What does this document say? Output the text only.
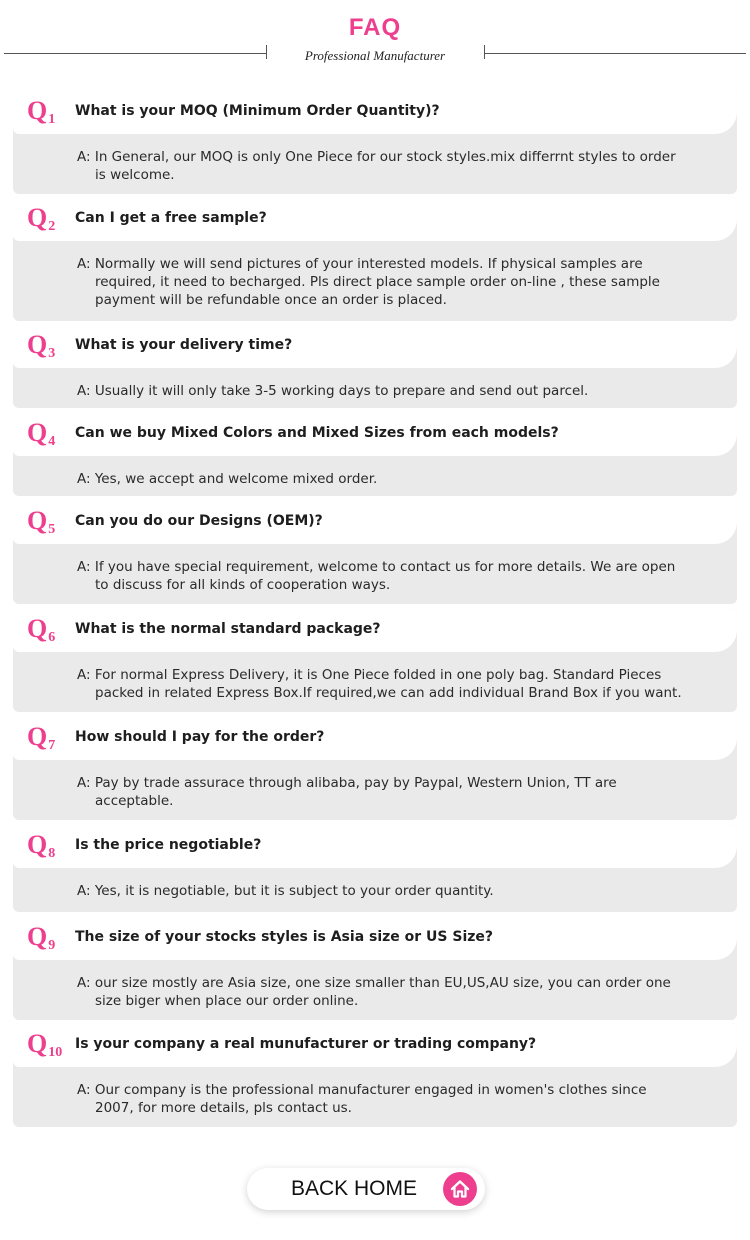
FAQ
Professional Manufacturer
$Q_1$
What is your MOQ (Minimum Order Quantity)?
A: In General, our MOQ is only One Piece for our stock styles.mix differrnt styles to order
is welcome.
$Q_2$
Can I get a free sample?
A: Normally we will send pictures of your interested models. If physical samples are
required, it need to becharged. Pls direct place sample order on-line , these sample payment will be refundable once an order is placed.
$Q_3$
What is your delivery time?
A: Usually it will only take 3-5 working days to prepare and send out parcel.
$Q_4$
Can we buy Mixed Colors and Mixed Sizes from each models?
A: Yes, we accept and welcome mixed order.
$Q_5$
Can you do our Designs (OEM)?
A: If you have special requirement, welcome to contact us for more details. We are open
to discuss for all kinds of cooperation ways.
$Q_6$
What is the normal standard package?
A: For normal Express Delivery, it is One Piece folded in one poly bag. Standard Pieces
packed in related Express Box.If required,we can add individual Brand Box if you want.
$Q_7$
How should I pay for the order?
A: Pay by trade assurace through alibaba, pay by Paypal, Western Union, TT are
acceptable.
$Q_8$
Is the price negotiable?
A: Yes, it is negotiable, but it is subject to your order quantity.
$Q_9$
The size of your stocks styles is Asia size or US Size?
A: our size mostly are Asia size, one size smaller than EU,US,AU size, you can order one
size biger when place our order online.
$Q_{10}$
Is your company a real munufacturer or trading company?
A: Our company is the professional manufacturer engaged in women's clothes since
2007, for more details, pls contact us.
BACK HOME
